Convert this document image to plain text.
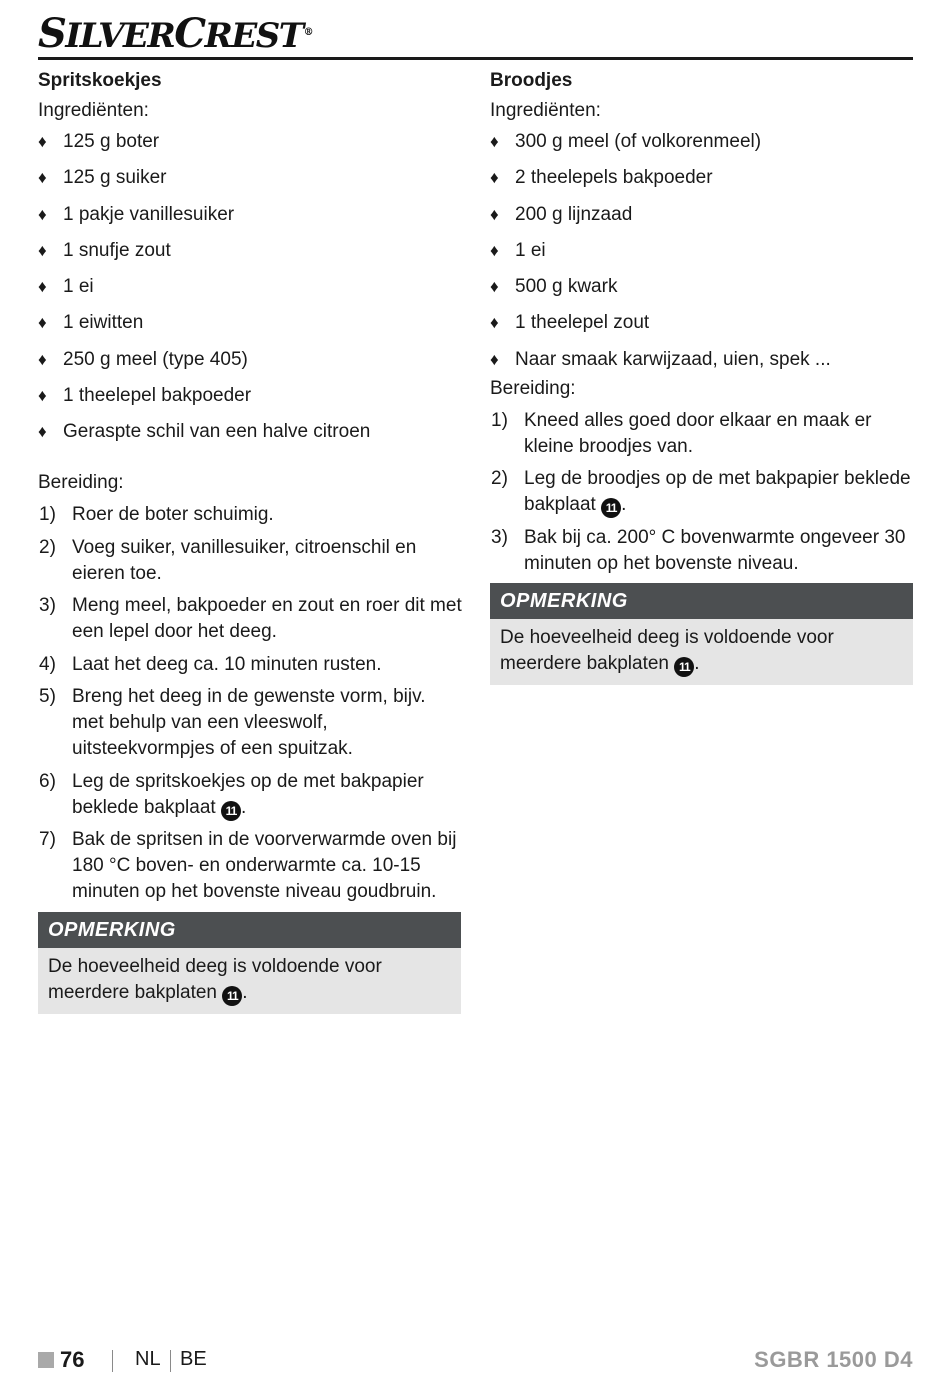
SILVERCREST®
Spritskoekjes
Ingrediënten:
♦ 125 g boter
♦ 125 g suiker
♦ 1 pakje vanillesuiker
♦ 1 snufje zout
♦ 1 ei
♦ 1 eiwitten
♦ 250 g meel (type 405)
♦ 1 theelepel bakpoeder
♦ Geraspte schil van een halve citroen
Bereiding:
1) Roer de boter schuimig.
2) Voeg suiker, vanillesuiker, citroenschil en eieren toe.
3) Meng meel, bakpoeder en zout en roer dit met een lepel door het deeg.
4) Laat het deeg ca. 10 minuten rusten.
5) Breng het deeg in de gewenste vorm, bijv. met behulp van een vleeswolf, uitsteekvormpjes of een spuitzak.
6) Leg de spritskoekjes op de met bakpapier beklede bakplaat 11 .
7) Bak de spritsen in de voorverwarmde oven bij 180 °C boven- en onderwarmte ca. 10-15 minuten op het bovenste niveau goudbruin.
OPMERKING
De hoeveelheid deeg is voldoende voor meerdere bakplaten 11 .
Broodjes
Ingrediënten:
♦ 300 g meel (of volkorenmeel)
♦ 2 theelepels bakpoeder
♦ 200 g lijnzaad
♦ 1 ei
♦ 500 g kwark
♦ 1 theelepel zout
♦ Naar smaak karwijzaad, uien, spek ...
Bereiding:
1) Kneed alles goed door elkaar en maak er kleine broodjes van.
2) Leg de broodjes op de met bakpapier beklede bakplaat 11 .
3) Bak bij ca. 200° C bovenwarmte ongeveer 30 minuten op het bovenste niveau.
OPMERKING
De hoeveelheid deeg is voldoende voor meerdere bakplaten 11 .
76	NL BE	SGBR 1500 D4
